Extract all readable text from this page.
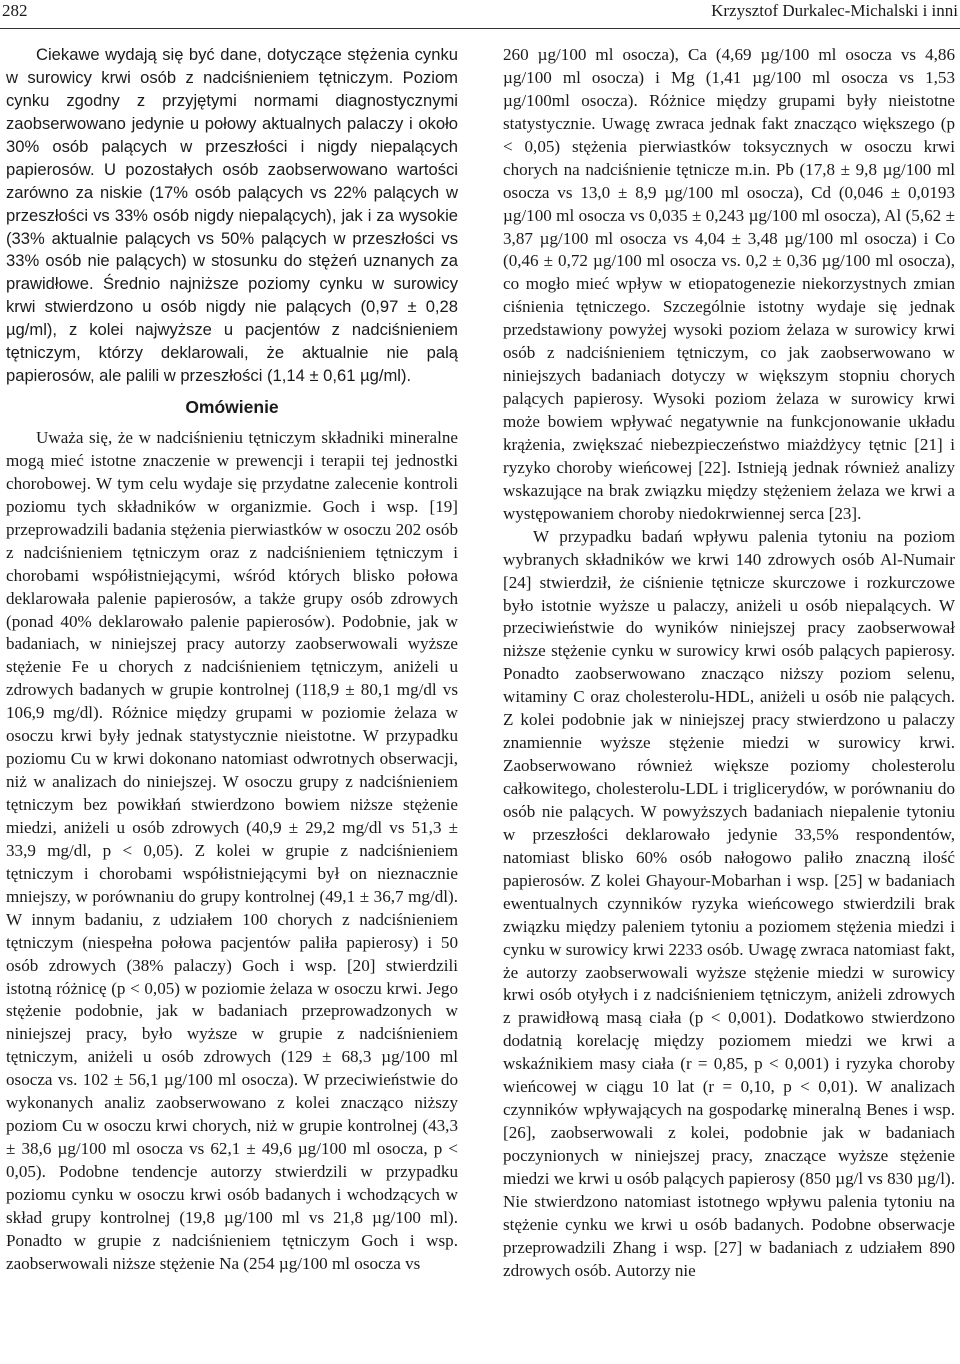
282	Krzysztof Durkalec-Michalski i inni

Ciekawe wydają się być dane, dotyczące stężenia cynku w surowicy krwi osób z nadciśnieniem tętniczym. Poziom cynku zgodny z przyjętymi normami diagnostycznymi zaobserwowano jedynie u połowy aktualnych palaczy i około 30% osób palących w przeszłości i nigdy niepalących papierosów. U pozostałych osób zaobserwowano wartości zarówno za niskie (17% osób palących vs 22% palących w przeszłości vs 33% osób nigdy niepalących), jak i za wysokie (33% aktualnie palących vs 50% palących w przeszłości vs 33% osób nie palących) w stosunku do stężeń uznanych za prawidłowe. Średnio najniższe poziomy cynku w surowicy krwi stwierdzono u osób nigdy nie palących (0,97 ± 0,28 µg/ml), z kolei najwyższe u pacjentów z nadciśnieniem tętniczym, którzy deklarowali, że aktualnie nie palą papierosów, ale palili w przeszłości (1,14 ± 0,61 µg/ml).

Omówienie

Uważa się, że w nadciśnieniu tętniczym składniki mineralne mogą mieć istotne znaczenie w prewencji i terapii tej jednostki chorobowej. W tym celu wydaje się przydatne zalecenie kontroli poziomu tych składników w organizmie. Goch i wsp. [19] przeprowadzili badania stężenia pierwiastków w osoczu 202 osób z nadciśnieniem tętniczym oraz z nadciśnieniem tętniczym i chorobami współistniejącymi, wśród których blisko połowa deklarowała palenie papierosów, a także grupy osób zdrowych (ponad 40% deklarowało palenie papierosów). Podobnie, jak w badaniach, w niniejszej pracy autorzy zaobserwowali wyższe stężenie Fe u chorych z nadciśnieniem tętniczym, aniżeli u zdrowych badanych w grupie kontrolnej (118,9 ± 80,1 mg/dl vs 106,9 mg/dl). Różnice między grupami w poziomie żelaza w osoczu krwi były jednak statystycznie nieistotne. W przypadku poziomu Cu w krwi dokonano natomiast odwrotnych obserwacji, niż w analizach do niniejszej. W osoczu grupy z nadciśnieniem tętniczym bez powikłań stwierdzono bowiem niższe stężenie miedzi, aniżeli u osób zdrowych (40,9 ± 29,2 mg/dl vs 51,3 ± 33,9 mg/dl, p < 0,05). Z kolei w grupie z nadciśnieniem tętniczym i chorobami współistniejącymi był on nieznacznie mniejszy, w porównaniu do grupy kontrolnej (49,1 ± 36,7 mg/dl). W innym badaniu, z udziałem 100 chorych z nadciśnieniem tętniczym (niespełna połowa pacjentów paliła papierosy) i 50 osób zdrowych (38% palaczy) Goch i wsp. [20] stwierdzili istotną różnicę (p < 0,05) w poziomie żelaza w osoczu krwi. Jego stężenie podobnie, jak w badaniach przeprowadzonych w niniejszej pracy, było wyższe w grupie z nadciśnieniem tętniczym, aniżeli u osób zdrowych (129 ± 68,3 µg/100 ml osocza vs. 102 ± 56,1 µg/100 ml osocza). W przeciwieństwie do wykonanych analiz zaobserwowano z kolei znacząco niższy poziom Cu w osoczu krwi chorych, niż w grupie kontrolnej (43,3 ± 38,6 µg/100 ml osocza vs 62,1 ± 49,6 µg/100 ml osocza, p < 0,05). Podobne tendencje autorzy stwierdzili w przypadku poziomu cynku w osoczu krwi osób badanych i wchodzących w skład grupy kontrolnej (19,8 µg/100 ml vs 21,8 µg/100 ml). Ponadto w grupie z nadciśnieniem tętniczym Goch i wsp. zaobserwowali niższe stężenie Na (254 µg/100 ml osocza vs

260 µg/100 ml osocza), Ca (4,69 µg/100 ml osocza vs 4,86 µg/100 ml osocza) i Mg (1,41 µg/100 ml osocza vs 1,53 µg/100ml osocza). Różnice między grupami były nieistotne statystycznie. Uwagę zwraca jednak fakt znacząco większego (p < 0,05) stężenia pierwiastków toksycznych w osoczu krwi chorych na nadciśnienie tętnicze m.in. Pb (17,8 ± 9,8 µg/100 ml osocza vs 13,0 ± 8,9 µg/100 ml osocza), Cd (0,046 ± 0,0193 µg/100 ml osocza vs 0,035 ± 0,243 µg/100 ml osocza), Al (5,62 ± 3,87 µg/100 ml osocza vs 4,04 ± 3,48 µg/100 ml osocza) i Co (0,46 ± 0,72 µg/100 ml osocza vs. 0,2 ± 0,36 µg/100 ml osocza), co mogło mieć wpływ w etiopatogenezie niekorzystnych zmian ciśnienia tętniczego. Szczególnie istotny wydaje się jednak przedstawiony powyżej wysoki poziom żelaza w surowicy krwi osób z nadciśnieniem tętniczym, co jak zaobserwowano w niniejszych badaniach dotyczy w większym stopniu chorych palących papierosy. Wysoki poziom żelaza w surowicy krwi może bowiem wpływać negatywnie na funkcjonowanie układu krążenia, zwiększać niebezpieczeństwo miażdżycy tętnic [21] i ryzyko choroby wieńcowej [22]. Istnieją jednak również analizy wskazujące na brak związku między stężeniem żelaza we krwi a występowaniem choroby niedokrwiennej serca [23].

W przypadku badań wpływu palenia tytoniu na poziom wybranych składników we krwi 140 zdrowych osób Al-Numair [24] stwierdził, że ciśnienie tętnicze skurczowe i rozkurczowe było istotnie wyższe u palaczy, aniżeli u osób niepalących. W przeciwieństwie do wyników niniejszej pracy zaobserwował niższe stężenie cynku w surowicy krwi osób palących papierosy. Ponadto zaobserwowano znacząco niższy poziom selenu, witaminy C oraz cholesterolu-HDL, aniżeli u osób nie palących. Z kolei podobnie jak w niniejszej pracy stwierdzono u palaczy znamiennie wyższe stężenie miedzi w surowicy krwi. Zaobserwowano również większe poziomy cholesterolu całkowitego, cholesterolu-LDL i triglicerydów, w porównaniu do osób nie palących. W powyższych badaniach niepalenie tytoniu w przeszłości deklarowało jedynie 33,5% respondentów, natomiast blisko 60% osób nałogowo paliło znaczną ilość papierosów. Z kolei Ghayour-Mobarhan i wsp. [25] w badaniach ewentualnych czynników ryzyka wieńcowego stwierdzili brak związku między paleniem tytoniu a poziomem stężenia miedzi i cynku w surowicy krwi 2233 osób. Uwagę zwraca natomiast fakt, że autorzy zaobserwowali wyższe stężenie miedzi w surowicy krwi osób otyłych i z nadciśnieniem tętniczym, aniżeli zdrowych z prawidłową masą ciała (p < 0,001). Dodatkowo stwierdzono dodatnią korelację między poziomem miedzi we krwi a wskaźnikiem masy ciała (r = 0,85, p < 0,001) i ryzyka choroby wieńcowej w ciągu 10 lat (r = 0,10, p < 0,01). W analizach czynników wpływających na gospodarkę mineralną Benes i wsp. [26], zaobserwowali z kolei, podobnie jak w badaniach poczynionych w niniejszej pracy, znaczące wyższe stężenie miedzi we krwi u osób palących papierosy (850 µg/l vs 830 µg/l). Nie stwierdzono natomiast istotnego wpływu palenia tytoniu na stężenie cynku we krwi u osób badanych. Podobne obserwacje przeprowadzili Zhang i wsp. [27] w badaniach z udziałem 890 zdrowych osób. Autorzy nie
